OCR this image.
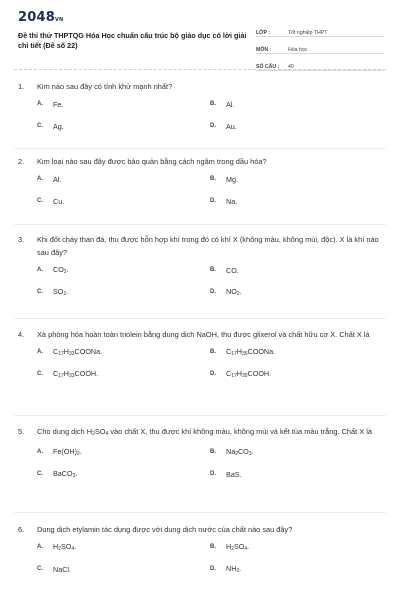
2048VN
Đề thi thử THPTQG Hóa Học chuẩn cấu trúc bộ giáo dục có lời giải chi tiết (Đề số 22)
LỚP :	Tốt nghiệp THPT
MÔN :	Hóa học
SỐ CÂU :	40
1.	Kim nào sau đây có tính khử mạnh nhất?
A.	Fe.	B.	Al.
C.	Ag.	D.	Au.
2.	Kim loại nào sau đây được bảo quản bằng cách ngâm trong dầu hỏa?
A.	Al.	B.	Mg.
C.	Cu.	D.	Na.
3.	Khi đốt cháy than đá, thu được hỗn hợp khí trong đó có khí X (không màu, không mùi, độc). X là khí nào sau đây?
A.	$CO_2$.	B.	CO.
C.	$SO_2$.	D.	$NO_2$.
4.	Xà phòng hóa hoàn toàn triolein bằng dung dịch NaOH, thu được glixerol và chất hữu cơ X. Chất X là
A.	$C_{17}H_{33}COONa$.	B.	$C_{17}H_{35}COONa$.
C.	$C_{17}H_{33}COOH$.	D.	$C_{17}H_{35}COOH$.
5.	Cho dung dịch $H_2SO_4$ vào chất X, thu được khí không màu, không mùi và kết tủa màu trắng. Chất X là
A.	$Fe(OH)_2$.	B.	$Na_2CO_3$.
C.	BaCO$_3$.	D.	BaS.
6.	Dung dịch etylamin tác dụng được với dung dịch nước của chất nào sau đây?
A.	$H_2SO_4$.	B.	$H_2SO_4$.
C.	NaCl.	D.	$NH_3$.
